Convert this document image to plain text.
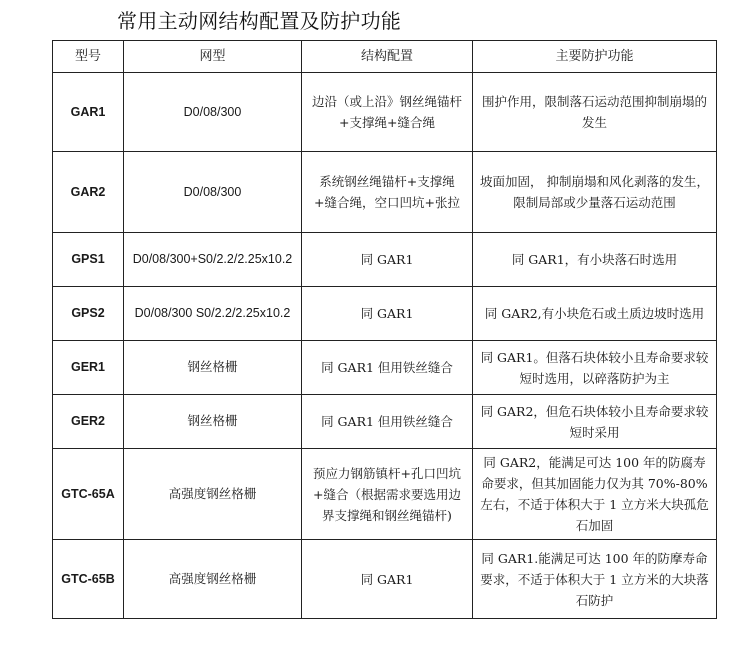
常用主动网结构配置及防护功能
型号	网型	结构配置	主要防护功能
GAR1	D0/08/300	边沿（或上沿》钢丝绳锚杆+支撑绳+缝合绳	围护作用，限制落石运动范围抑制崩塌的发生
GAR2	D0/08/300	系统钢丝绳锚杆+支撑绳+缝合绳，空口凹坑+张拉	坡面加固， 抑制崩塌和风化剥落的发生，限制局部或少量落石运动范围
GPS1	D0/08/300+S0/2.2/2.25x10.2	同 GAR1	同 GAR1，有小块落石时选用
GPS2	D0/08/300 S0/2.2/2.25x10.2	同 GAR1	同 GAR2,有小块危石或土质边坡时选用
GER1	钢丝格栅	同 GAR1 但用铁丝缝合	同 GAR1。但落石块体较小且寿命要求较短时选用，以碎落防护为主
GER2	钢丝格栅	同 GAR1 但用铁丝缝合	同 GAR2，但危石块体较小且寿命要求较短时采用
GTC-65A	高强度钢丝格栅	预应力钢筋镇杆+孔口凹坑+缝合（根据需求要选用边界支撑绳和钢丝绳锚杆)	同 GAR2，能满足可达 100 年的防腐寿命要求，但其加固能力仅为其 70%-80%左右，不适于体积大于 1 立方米大块孤危石加固
GTC-65B	高强度钢丝格栅	同 GAR1	同 GAR1.能满足可达 100 年的防摩寿命要求，不适于体积大于 1 立方米的大块落石防护
